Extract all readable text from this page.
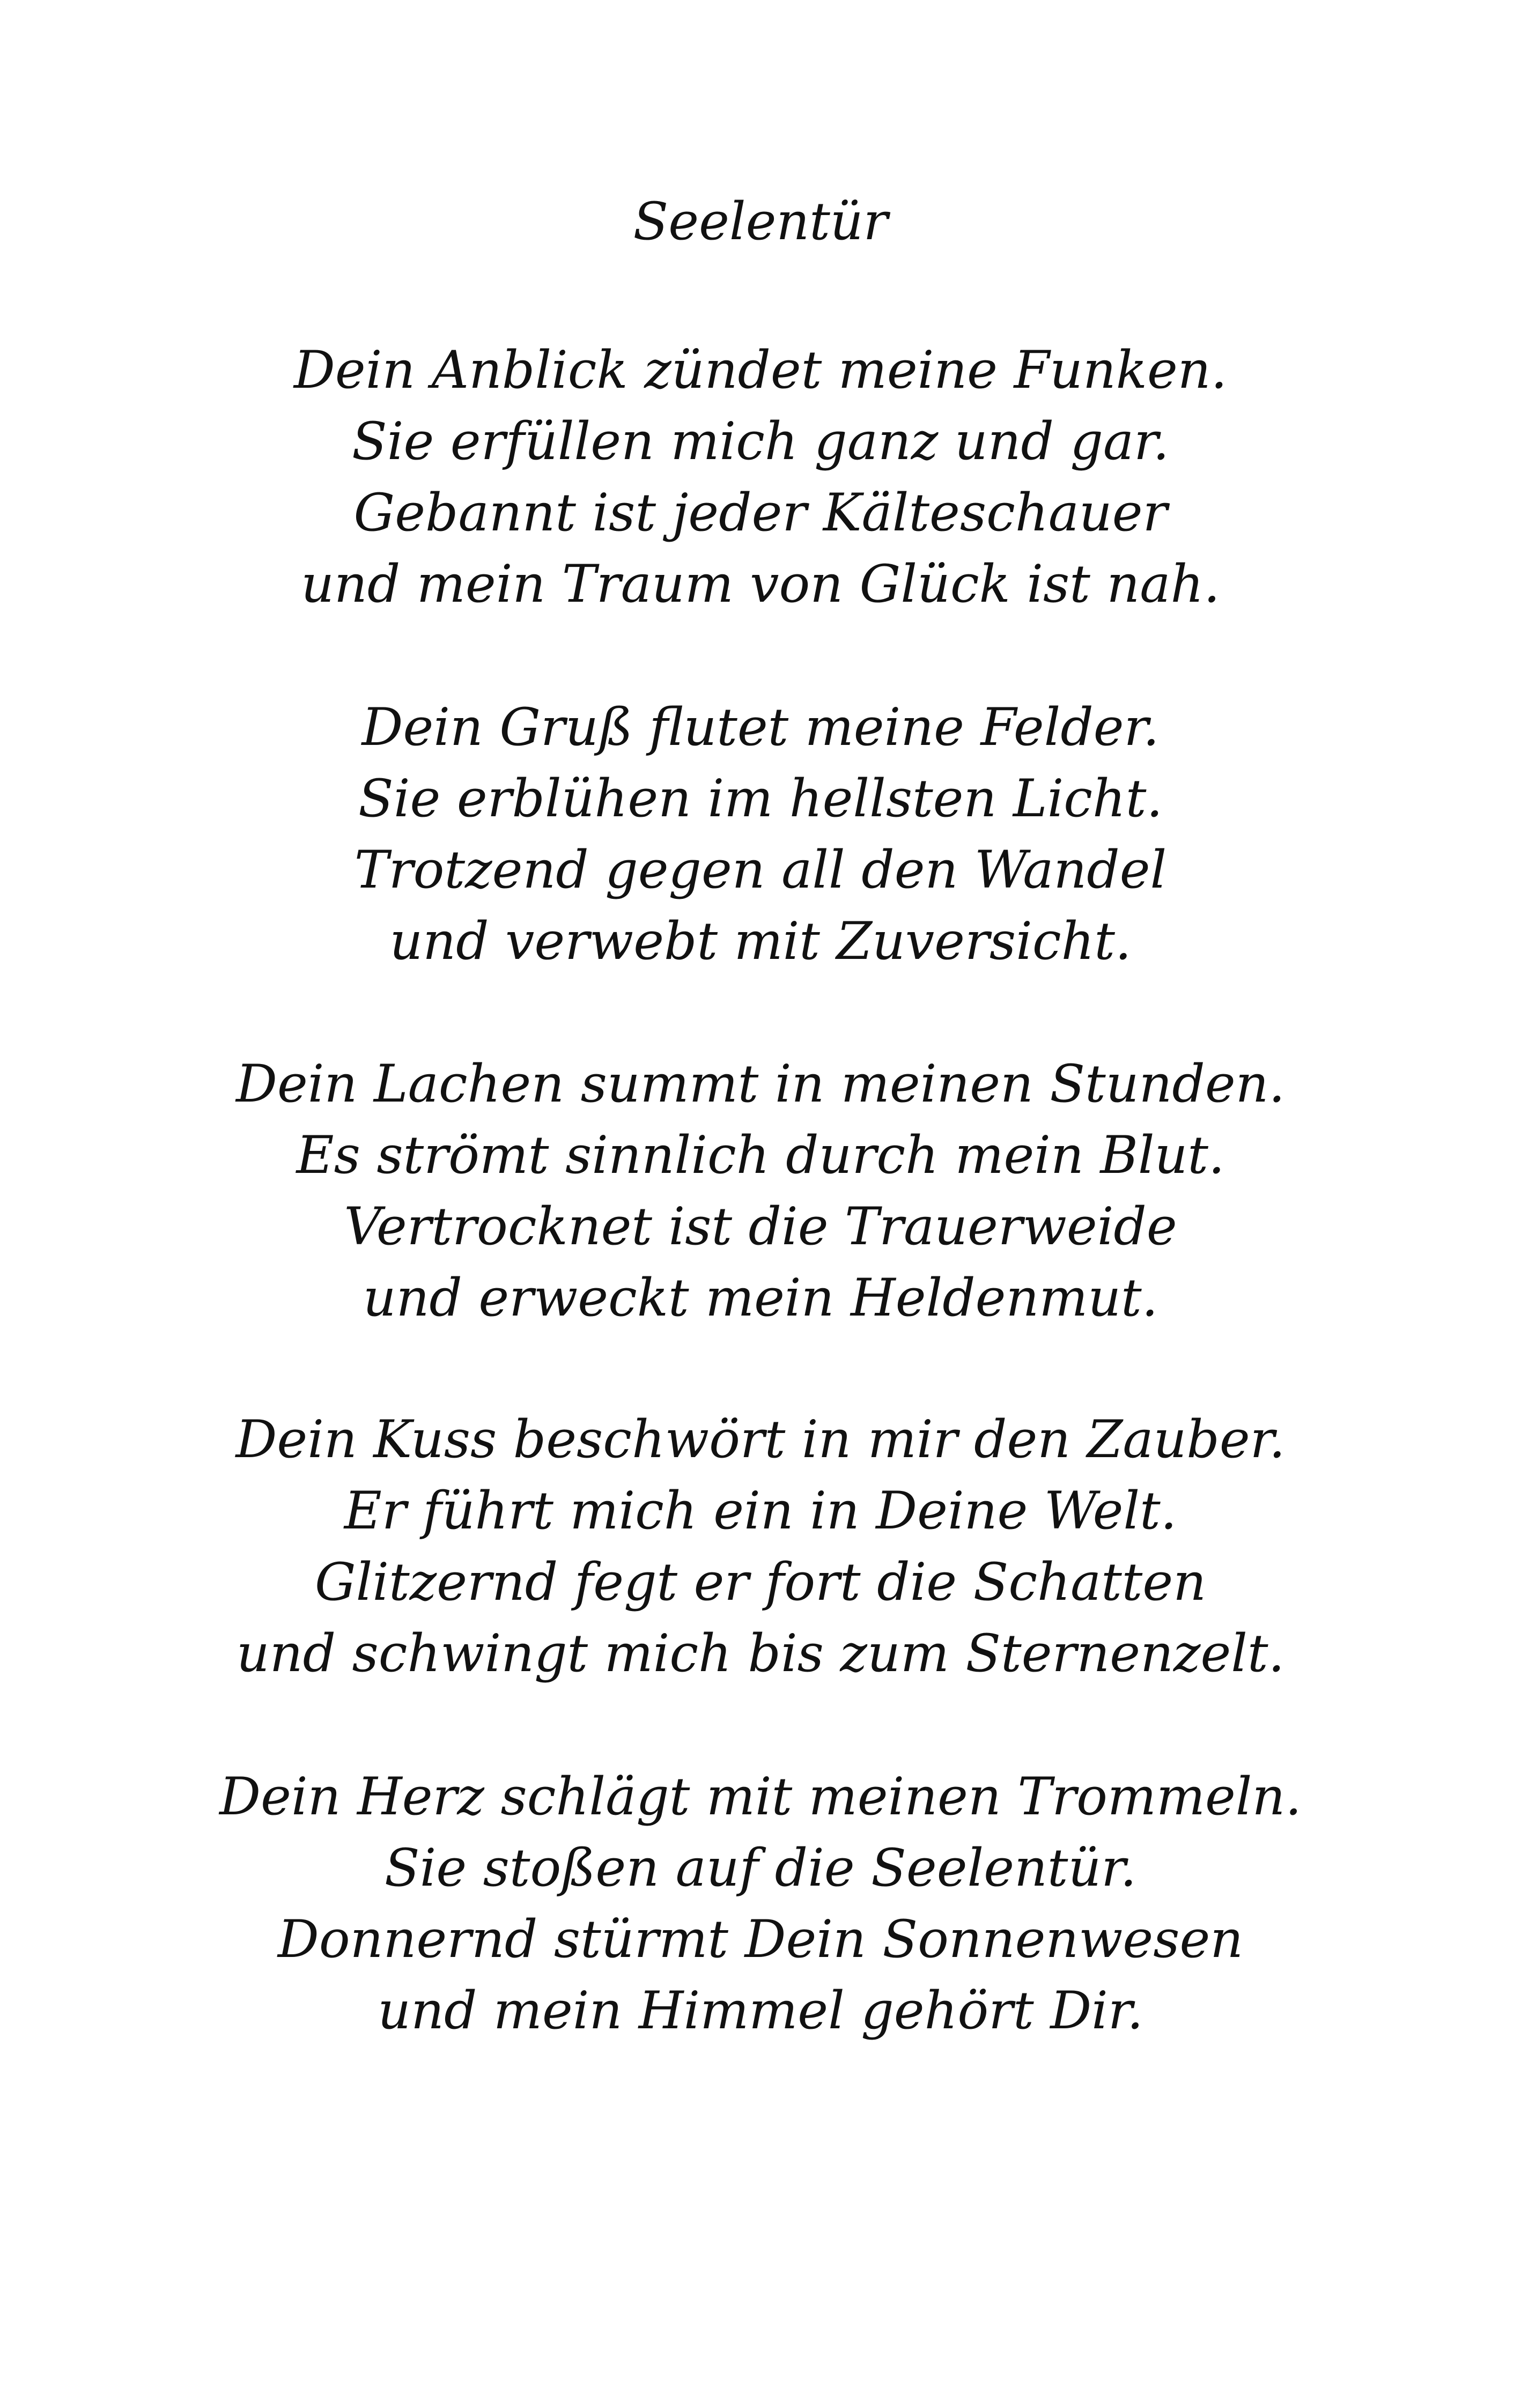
Seelentür
Dein Anblick zündet meine Funken.
Sie erfüllen mich ganz und gar.
Gebannt ist jeder Kälteschauer
und mein Traum von Glück ist nah.
Dein Gruß flutet meine Felder.
Sie erblühen im hellsten Licht.
Trotzend gegen all den Wandel
und verwebt mit Zuversicht.
Dein Lachen summt in meinen Stunden.
Es strömt sinnlich durch mein Blut.
Vertrocknet ist die Trauerweide
und erweckt mein Heldenmut.
Dein Kuss beschwört in mir den Zauber.
Er führt mich ein in Deine Welt.
Glitzernd fegt er fort die Schatten
und schwingt mich bis zum Sternenzelt.
Dein Herz schlägt mit meinen Trommeln.
Sie stoßen auf die Seelentür.
Donnernd stürmt Dein Sonnenwesen
und mein Himmel gehört Dir.
